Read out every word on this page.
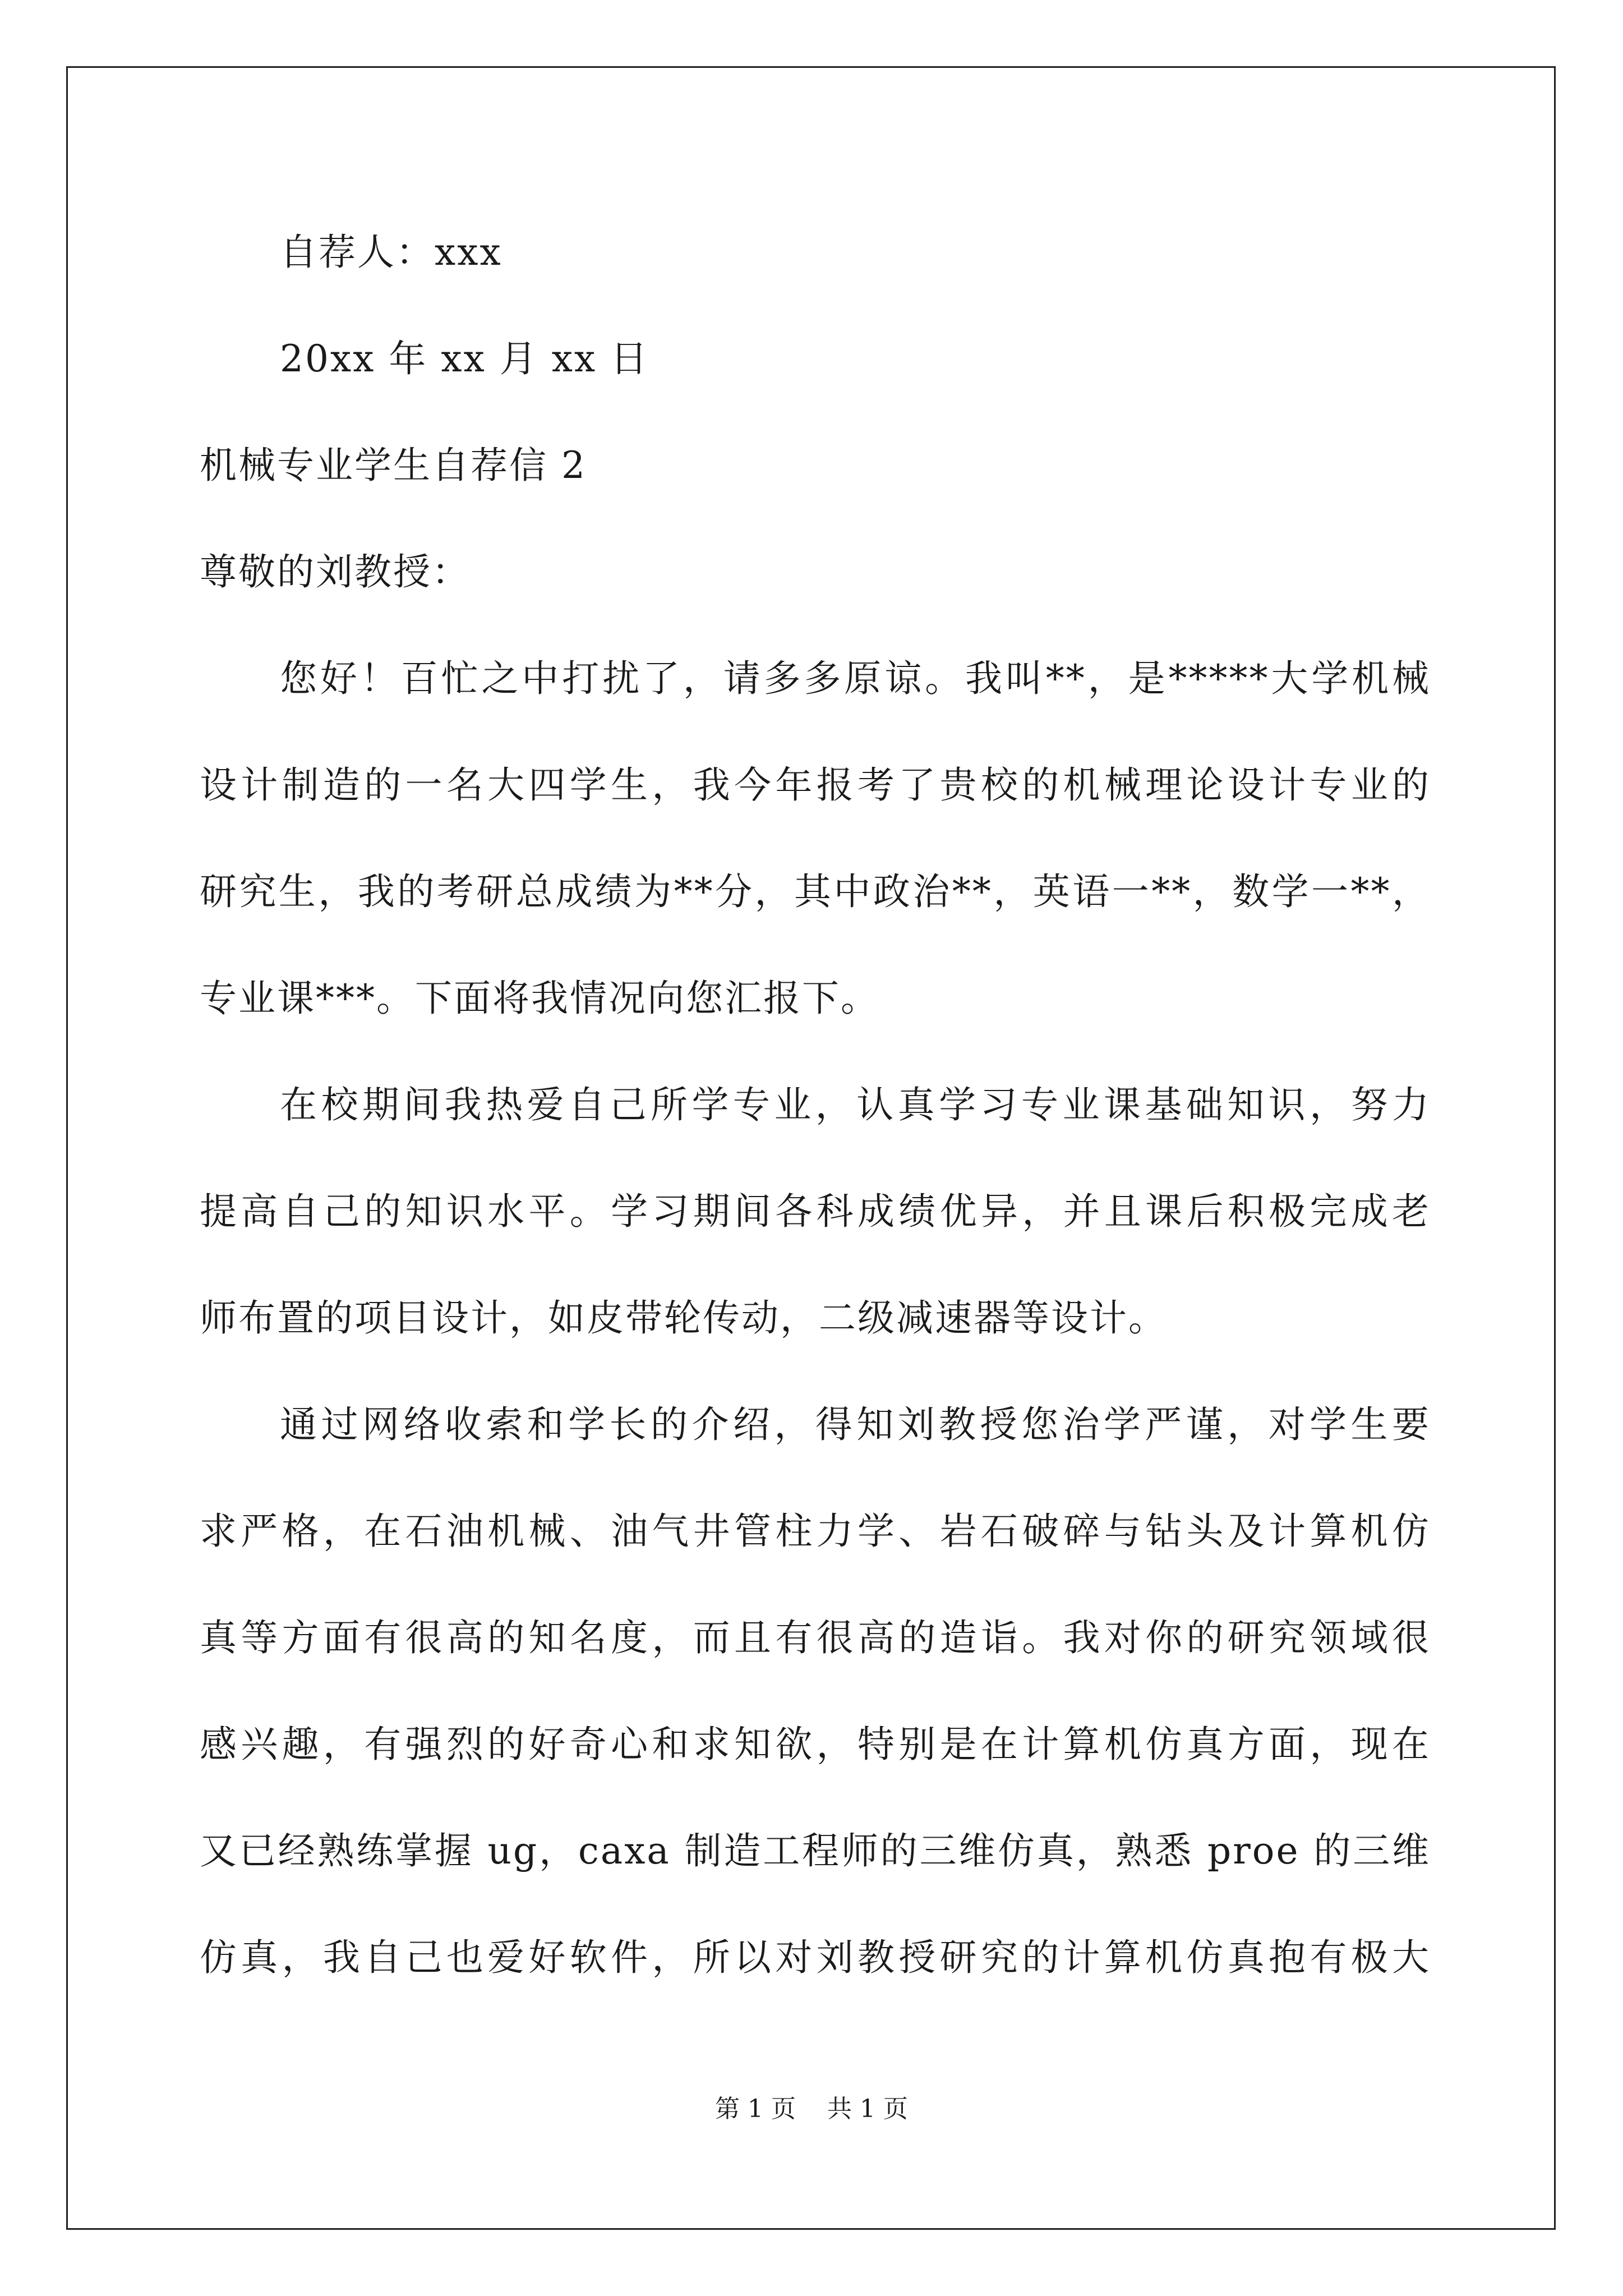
自荐人：xxx
20xx 年 xx 月 xx 日
机械专业学生自荐信 2
尊敬的刘教授：
您好！百忙之中打扰了，请多多原谅。我叫**，是*****大学机械
设计制造的一名大四学生，我今年报考了贵校的机械理论设计专业的
研究生，我的考研总成绩为**分，其中政治**，英语一**，数学一**，
专业课***。下面将我情况向您汇报下。
在校期间我热爱自己所学专业，认真学习专业课基础知识，努力
提高自己的知识水平。学习期间各科成绩优异，并且课后积极完成老
师布置的项目设计，如皮带轮传动，二级减速器等设计。
通过网络收索和学长的介绍，得知刘教授您治学严谨，对学生要
求严格，在石油机械、油气井管柱力学、岩石破碎与钻头及计算机仿
真等方面有很高的知名度，而且有很高的造诣。我对你的研究领域很
感兴趣，有强烈的好奇心和求知欲，特别是在计算机仿真方面，现在
又已经熟练掌握 ug，caxa 制造工程师的三维仿真，熟悉 proe 的三维
仿真，我自己也爱好软件，所以对刘教授研究的计算机仿真抱有极大
第 1 页    共 1 页
